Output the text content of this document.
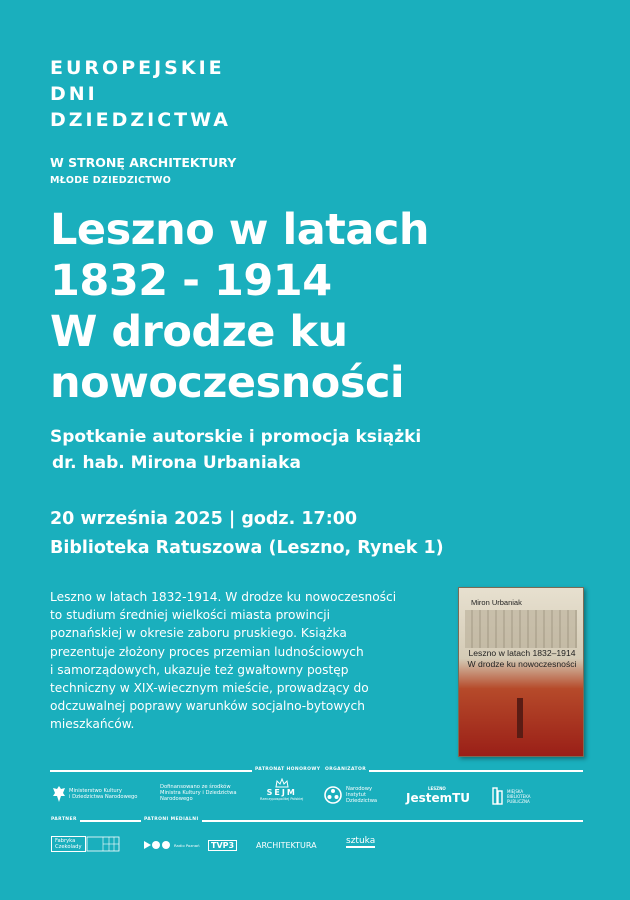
EUROPEJSKIE
DNI
DZIEDZICTWA
W STRONĘ ARCHITEKTURY
MŁODE DZIEDZICTWO
Leszno w latach
1832 - 1914
W drodze ku
nowoczesności
Spotkanie autorskie i promocja książki
dr. hab. Mirona Urbaniaka
20 września 2025 | godz. 17:00
Biblioteka Ratuszowa (Leszno, Rynek 1)
Leszno w latach 1832-1914. W drodze ku nowoczesności
to studium średniej wielkości miasta prowincji
poznańskiej w okresie zaboru pruskiego. Książka
prezentuje złożony proces przemian ludnościowych
i samorządowych, ukazuje też gwałtowny postęp
techniczny w XIX-wiecznym mieście, prowadzący do
odczuwalnej poprawy warunków socjalno-bytowych
mieszkańców.
Miron Urbaniak
Leszno w latach 1832–1914
W drodze ku nowoczesności
PATRONAT HONOROWY	ORGANIZATOR
Ministerstwo Kultury
i Dziedzictwa Narodowego
Dofinansowano ze środków
Ministra Kultury i Dziedzictwa
Narodowego
SEJM
Rzeczypospolitej Polskiej
Narodowy
Instytut
Dziedzictwa
LESZNO
JestemTU	MIEJSKA
BIBLIOTEKA
PUBLICZNA
PARTNER	PATRONI MEDIALNI
Fabryka
Czekolady	Radio Poznań	TVP3	ARCHITEKTURA	sztuka
